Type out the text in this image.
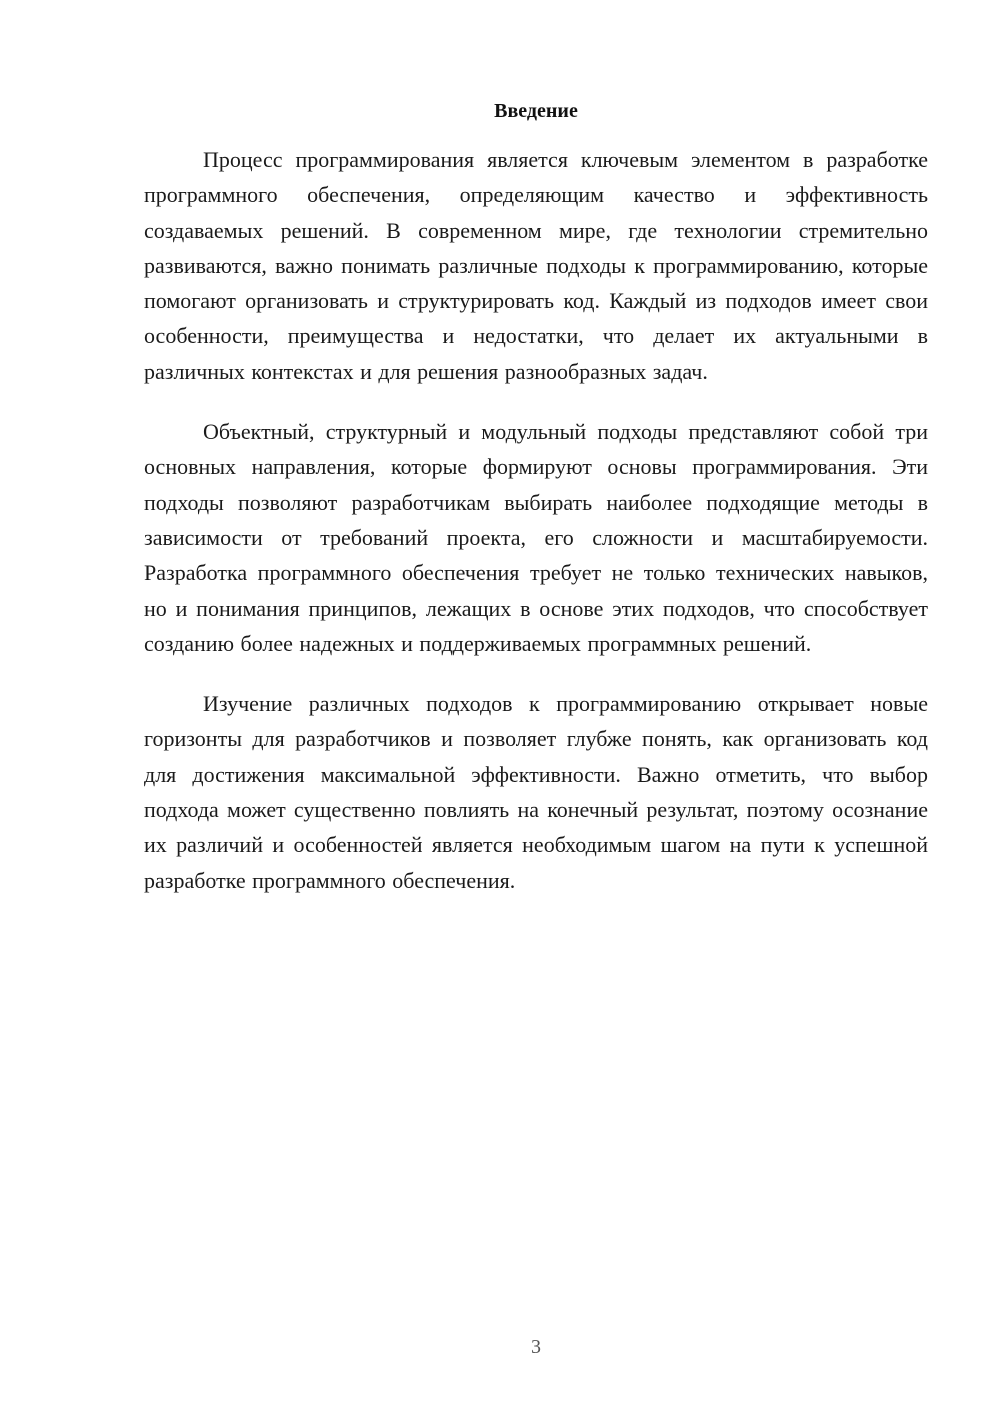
Введение

Процесс программирования является ключевым элементом в разработке программного обеспечения, определяющим качество и эффективность создаваемых решений. В современном мире, где технологии стремительно развиваются, важно понимать различные подходы к программированию, которые помогают организовать и структурировать код. Каждый из подходов имеет свои особенности, преимущества и недостатки, что делает их актуальными в различных контекстах и для решения разнообразных задач.

Объектный, структурный и модульный подходы представляют собой три основных направления, которые формируют основы программирования. Эти подходы позволяют разработчикам выбирать наиболее подходящие методы в зависимости от требований проекта, его сложности и масштабируемости. Разработка программного обеспечения требует не только технических навыков, но и понимания принципов, лежащих в основе этих подходов, что способствует созданию более надежных и поддерживаемых программных решений.

Изучение различных подходов к программированию открывает новые горизонты для разработчиков и позволяет глубже понять, как организовать код для достижения максимальной эффективности. Важно отметить, что выбор подхода может существенно повлиять на конечный результат, поэтому осознание их различий и особенностей является необходимым шагом на пути к успешной разработке программного обеспечения.

3
